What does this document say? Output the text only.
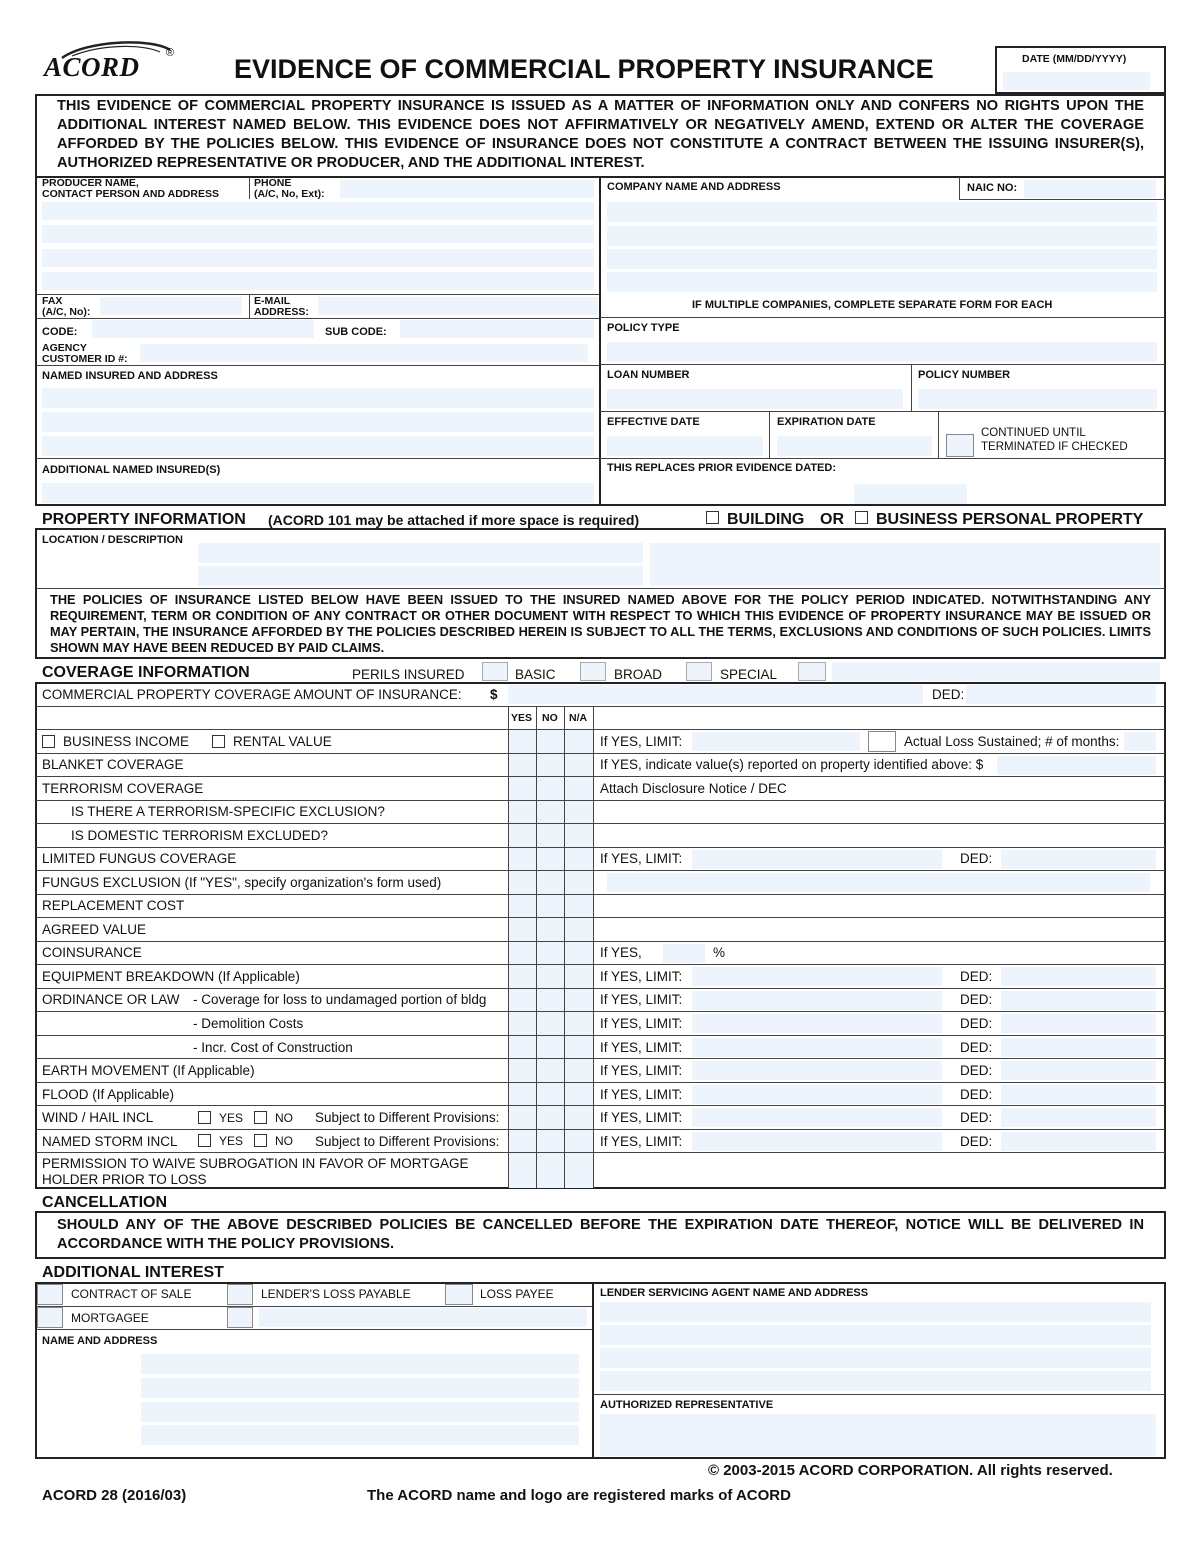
ACORD ®
EVIDENCE OF COMMERCIAL PROPERTY INSURANCE	DATE (MM/DD/YYYY)
THIS EVIDENCE OF COMMERCIAL PROPERTY INSURANCE IS ISSUED AS A MATTER OF INFORMATION ONLY AND CONFERS NO RIGHTS UPON THE ADDITIONAL INTEREST NAMED BELOW. THIS EVIDENCE DOES NOT AFFIRMATIVELY OR NEGATIVELY AMEND, EXTEND OR ALTER THE COVERAGE AFFORDED BY THE POLICIES BELOW. THIS EVIDENCE OF INSURANCE DOES NOT CONSTITUTE A CONTRACT BETWEEN THE ISSUING INSURER(S), AUTHORIZED REPRESENTATIVE OR PRODUCER, AND THE ADDITIONAL INTEREST.
PRODUCER NAME,
CONTACT PERSON AND ADDRESS
PHONE
(A/C, No, Ext):
FAX
(A/C, No):
E-MAIL
ADDRESS:
CODE:	SUB CODE:
AGENCY
CUSTOMER ID #:
NAMED INSURED AND ADDRESS
ADDITIONAL NAMED INSURED(S)
COMPANY NAME AND ADDRESS	NAIC NO:
IF MULTIPLE COMPANIES, COMPLETE SEPARATE FORM FOR EACH
POLICY TYPE
LOAN NUMBER	POLICY NUMBER
EFFECTIVE DATE	EXPIRATION DATE
CONTINUED UNTIL
TERMINATED IF CHECKED
THIS REPLACES PRIOR EVIDENCE DATED:
PROPERTY INFORMATION (ACORD 101 may be attached if more space is required)	BUILDING OR BUSINESS PERSONAL PROPERTY
LOCATION / DESCRIPTION
THE POLICIES OF INSURANCE LISTED BELOW HAVE BEEN ISSUED TO THE INSURED NAMED ABOVE FOR THE POLICY PERIOD INDICATED. NOTWITHSTANDING ANY REQUIREMENT, TERM OR CONDITION OF ANY CONTRACT OR OTHER DOCUMENT WITH RESPECT TO WHICH THIS EVIDENCE OF PROPERTY INSURANCE MAY BE ISSUED OR MAY PERTAIN, THE INSURANCE AFFORDED BY THE POLICIES DESCRIBED HEREIN IS SUBJECT TO ALL THE TERMS, EXCLUSIONS AND CONDITIONS OF SUCH POLICIES. LIMITS SHOWN MAY HAVE BEEN REDUCED BY PAID CLAIMS.
COVERAGE INFORMATION	PERILS INSURED	BASIC	BROAD	SPECIAL
COMMERCIAL PROPERTY COVERAGE AMOUNT OF INSURANCE: $	DED:
YES NO N/A
BUSINESS INCOME	RENTAL VALUE	If YES, LIMIT:	Actual Loss Sustained; # of months:
BLANKET COVERAGE	If YES, indicate value(s) reported on property identified above: $
TERRORISM COVERAGE	Attach Disclosure Notice / DEC
IS THERE A TERRORISM-SPECIFIC EXCLUSION?
IS DOMESTIC TERRORISM EXCLUDED?
LIMITED FUNGUS COVERAGE	If YES, LIMIT:	DED:
FUNGUS EXCLUSION (If "YES", specify organization's form used)
REPLACEMENT COST
AGREED VALUE
COINSURANCE	If YES,	%
EQUIPMENT BREAKDOWN (If Applicable)	If YES, LIMIT:	DED:
ORDINANCE OR LAW - Coverage for loss to undamaged portion of bldg	If YES, LIMIT:	DED:
- Demolition Costs	If YES, LIMIT:	DED:
- Incr. Cost of Construction	If YES, LIMIT:	DED:
EARTH MOVEMENT (If Applicable)	If YES, LIMIT:	DED:
FLOOD (If Applicable)	If YES, LIMIT:	DED:
WIND / HAIL INCL	YES	NO Subject to Different Provisions:	If YES, LIMIT:	DED:
NAMED STORM INCL	YES	NO Subject to Different Provisions:	If YES, LIMIT:	DED:
PERMISSION TO WAIVE SUBROGATION IN FAVOR OF MORTGAGE
HOLDER PRIOR TO LOSS
CANCELLATION
SHOULD ANY OF THE ABOVE DESCRIBED POLICIES BE CANCELLED BEFORE THE EXPIRATION DATE THEREOF, NOTICE WILL BE DELIVERED IN ACCORDANCE WITH THE POLICY PROVISIONS.
ADDITIONAL INTEREST
CONTRACT OF SALE	LENDER'S LOSS PAYABLE	LOSS PAYEE
MORTGAGEE
NAME AND ADDRESS
LENDER SERVICING AGENT NAME AND ADDRESS
AUTHORIZED REPRESENTATIVE
© 2003-2015 ACORD CORPORATION. All rights reserved.
ACORD 28 (2016/03)	The ACORD name and logo are registered marks of ACORD
